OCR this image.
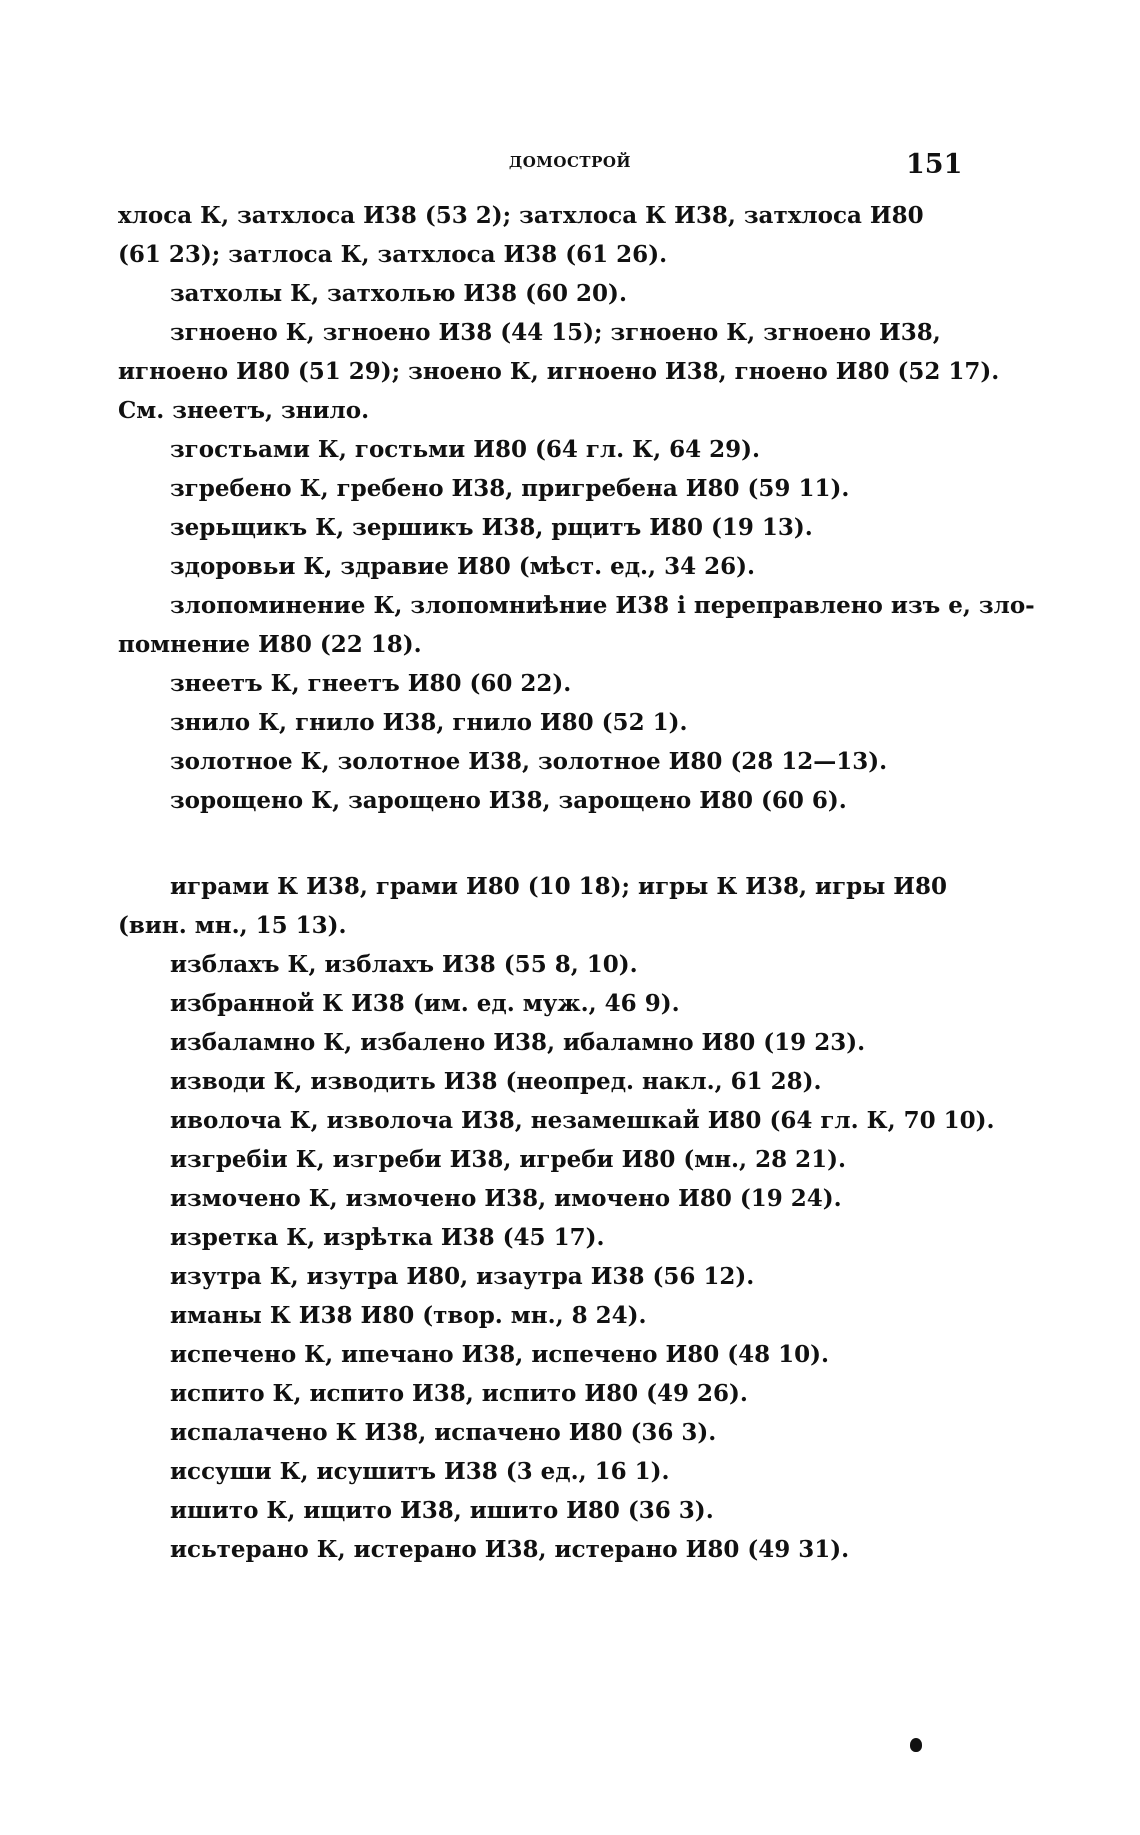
ДОМОСТРОЙ	151
хлоса К, затхлоса И38 (53 2); затхлоса К И38, затхлоса И80
(61 23); затлоса К, затхлоса И38 (61 26).
затхолы К, затхолью И38 (60 20).
згноено К, згноено И38 (44 15); згноено К, згноено И38,
игноено И80 (51 29); зноено К, игноено И38, гноено И80 (52 17).
См. знеетъ, знило.
згостьами К, гостьми И80 (64 гл. К, 64 29).
згребено К, гребено И38, пригребена И80 (59 11).
зерьщикъ К, зершикъ И38, рщитъ И80 (19 13).
здоровьи К, здравие И80 (мѣст. ед., 34 26).
злопоминение К, злопомниѣние И38 і переправлено изъ е, зло-
помнение И80 (22 18).
знеетъ К, гнеетъ И80 (60 22).
знило К, гнило И38, гнило И80 (52 1).
золотное К, золотное И38, золотное И80 (28 12—13).
зорощено К, зарощено И38, зарощено И80 (60 6).
играми К И38, грами И80 (10 18); игры К И38, игры И80
(вин. мн., 15 13).
изблахъ К, изблахъ И38 (55 8, 10).
избранной К И38 (им. ед. муж., 46 9).
избаламно К, избалено И38, ибаламно И80 (19 23).
изводи К, изводить И38 (неопред. накл., 61 28).
иволоча К, изволоча И38, незамешкай И80 (64 гл. К, 70 10).
изгребіи К, изгреби И38, игреби И80 (мн., 28 21).
измочено К, измочено И38, имочено И80 (19 24).
изретка К, изрѣтка И38 (45 17).
изутра К, изутра И80, изаутра И38 (56 12).
иманы К И38 И80 (твор. мн., 8 24).
испечено К, ипечано И38, испечено И80 (48 10).
испито К, испито И38, испито И80 (49 26).
испалачено К И38, испачено И80 (36 3).
иссуши К, исушитъ И38 (3 ед., 16 1).
ишито К, ищито И38, ишито И80 (36 3).
исьтерано К, истерано И38, истерано И80 (49 31).
